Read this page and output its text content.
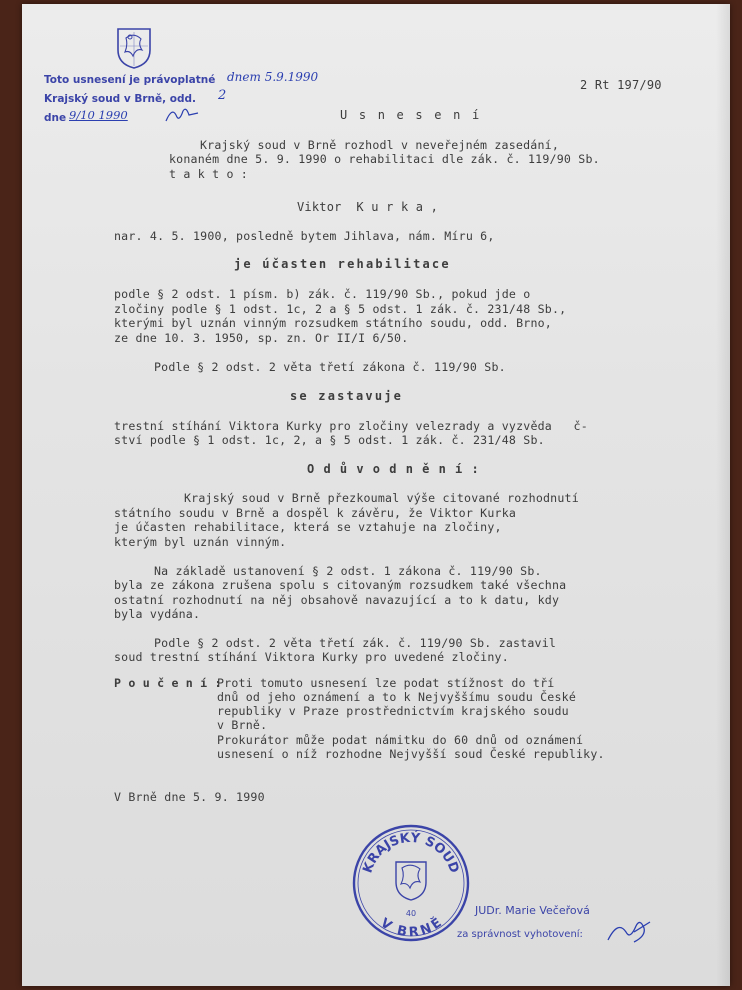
Toto usnesení je právoplatné dnem 5.9.1990
Krajský soud v Brně, odd. 2
dne 9/10 1990
2 Rt 197/90
U s n e s e n í
Krajský soud v Brně rozhodl v neveřejném zasedání,
konaném dne 5. 9. 1990 o rehabilitaci dle zák. č. 119/90 Sb.
t a k t o :
Viktor  K u r k a ,
nar. 4. 5. 1900, posledně bytem Jihlava, nám. Míru 6,
je účasten rehabilitace
podle § 2 odst. 1 písm. b) zák. č. 119/90 Sb., pokud jde o
zločiny podle § 1 odst. 1c, 2 a § 5 odst. 1 zák. č. 231/48 Sb.,
kterými byl uznán vinným rozsudkem státního soudu, odd. Brno,
ze dne 10. 3. 1950, sp. zn. Or II/I 6/50.
Podle § 2 odst. 2 věta třetí zákona č. 119/90 Sb.
se zastavuje
trestní stíhání Viktora Kurky pro zločiny velezrady a vyzvěda   č-
ství podle § 1 odst. 1c, 2, a § 5 odst. 1 zák. č. 231/48 Sb.
O d ů v o d n ě n í :
Krajský soud v Brně přezkoumal výše citované rozhodnutí
státního soudu v Brně a dospěl k závěru, že Viktor Kurka
je účasten rehabilitace, která se vztahuje na zločiny,
kterým byl uznán vinným.
Na základě ustanovení § 2 odst. 1 zákona č. 119/90 Sb.
byla ze zákona zrušena spolu s citovaným rozsudkem také všechna
ostatní rozhodnutí na něj obsahově navazující a to k datu, kdy
byla vydána.
Podle § 2 odst. 2 věta třetí zák. č. 119/90 Sb. zastavil
soud trestní stíhání Viktora Kurky pro uvedené zločiny.
P o u č e n í :
Proti tomuto usnesení lze podat stížnost do tří
dnů od jeho oznámení a to k Nejvyššímu soudu České
republiky v Praze prostřednictvím krajského soudu
v Brně.
Prokurátor může podat námitku do 60 dnů od oznámení
usnesení o níž rozhodne Nejvyšší soud České republiky.
V Brně dne 5. 9. 1990
KRAJSKÝ SOUD
V BRNĚ
40	JUDr. Marie Večeřová
za správnost vyhotovení:
